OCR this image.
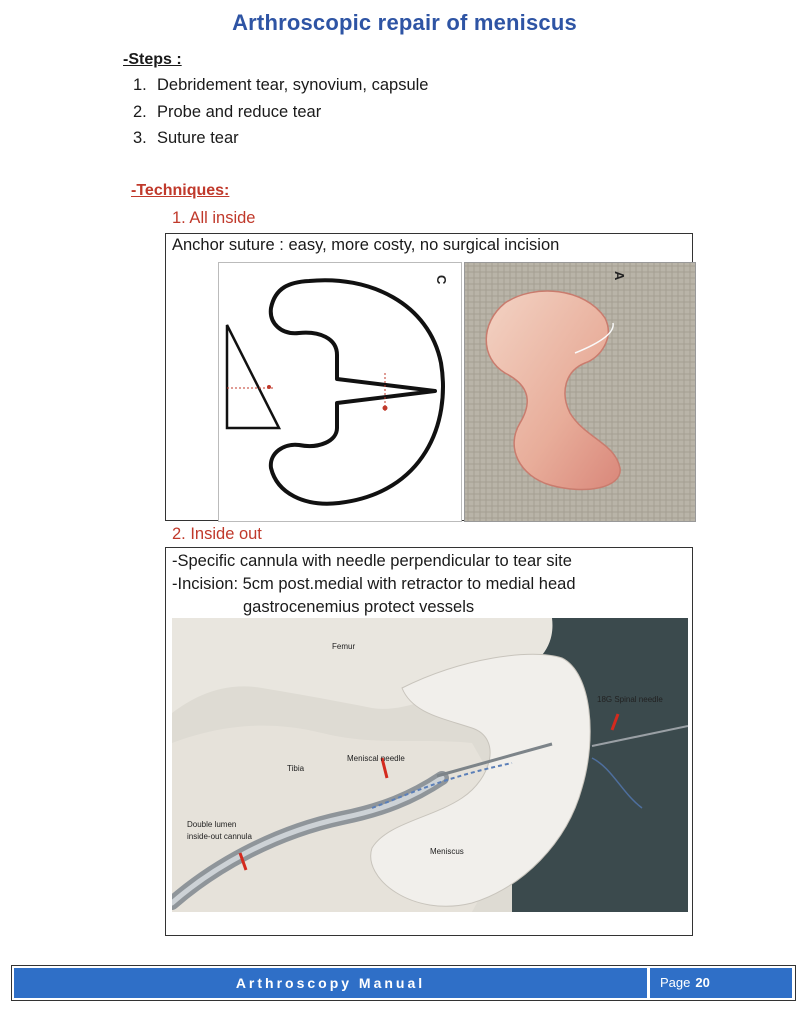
Arthroscopic repair of meniscus
-Steps :
1. Debridement tear, synovium, capsule
2. Probe and reduce tear
3. Suture tear
-Techniques:
1. All inside
Anchor suture : easy, more costy, no surgical incision
C	A
2. Inside out
-Specific cannula with needle perpendicular to tear site
-Incision: 5cm post.medial with retractor to medial head
gastrocenemius protect vessels
Femur
18G Spinal needle
Meniscal needle
Tibia
Double lumen
inside-out cannula
Meniscus
Arthroscopy Manual	Page 20
